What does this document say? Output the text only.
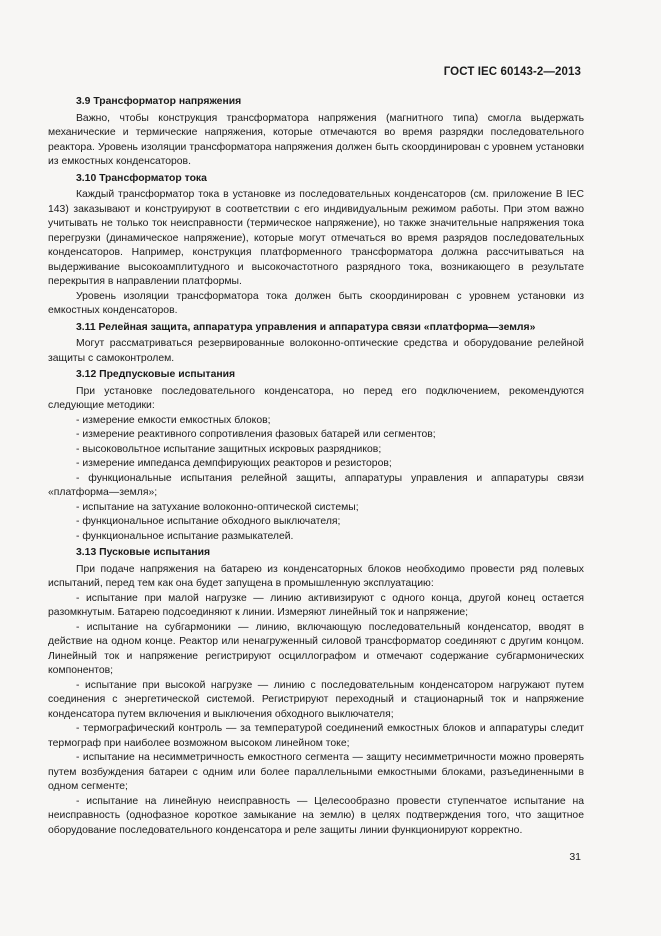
ГОСТ IEC 60143-2—2013

3.9 Трансформатор напряжения

Важно, чтобы конструкция трансформатора напряжения (магнитного типа) смогла выдержать механические и термические напряжения, которые отмечаются во время разрядки последовательного реактора. Уровень изоляции трансформатора напряжения должен быть скоординирован с уровнем установки из емкостных конденсаторов.

3.10 Трансформатор тока

Каждый трансформатор тока в установке из последовательных конденсаторов (см. приложение B IEC 143) заказывают и конструируют в соответствии с его индивидуальным режимом работы. При этом важно учитывать не только ток неисправности (термическое напряжение), но также значительные напряжения тока перегрузки (динамическое напряжение), которые могут отмечаться во время разрядов последовательных конденсаторов. Например, конструкция платформенного трансформатора должна рассчитываться на выдерживание высокоамплитудного и высокочастотного разрядного тока, возникающего в результате перекрытия в направлении платформы.

Уровень изоляции трансформатора тока должен быть скоординирован с уровнем установки из емкостных конденсаторов.

3.11 Релейная защита, аппаратура управления и аппаратура связи «платформа—земля»

Могут рассматриваться резервированные волоконно-оптические средства и оборудование релейной защиты с самоконтролем.

3.12 Предпусковые испытания

При установке последовательного конденсатора, но перед его подключением, рекомендуются следующие методики:

- измерение емкости емкостных блоков;

- измерение реактивного сопротивления фазовых батарей или сегментов;

- высоковольтное испытание защитных искровых разрядников;

- измерение импеданса демпфирующих реакторов и резисторов;

- функциональные испытания релейной защиты, аппаратуры управления и аппаратуры связи «платформа—земля»;

- испытание на затухание волоконно-оптической системы;

- функциональное испытание обходного выключателя;

- функциональное испытание размыкателей.

3.13 Пусковые испытания

При подаче напряжения на батарею из конденсаторных блоков необходимо провести ряд полевых испытаний, перед тем как она будет запущена в промышленную эксплуатацию:

- испытание при малой нагрузке — линию активизируют с одного конца, другой конец остается разомкнутым. Батарею подсоединяют к линии. Измеряют линейный ток и напряжение;

- испытание на субгармоники — линию, включающую последовательный конденсатор, вводят в действие на одном конце. Реактор или ненагруженный силовой трансформатор соединяют с другим концом. Линейный ток и напряжение регистрируют осциллографом и отмечают содержание субгармонических компонентов;

- испытание при высокой нагрузке — линию с последовательным конденсатором нагружают путем соединения с энергетической системой. Регистрируют переходный и стационарный ток и напряжение конденсатора путем включения и выключения обходного выключателя;

- термографический контроль — за температурой соединений емкостных блоков и аппаратуры следит термограф при наиболее возможном высоком линейном токе;

- испытание на несимметричность емкостного сегмента — защиту несимметричности можно проверять путем возбуждения батареи с одним или более параллельными емкостными блоками, разъединенными в одном сегменте;

- испытание на линейную неисправность — Целесообразно провести ступенчатое испытание на неисправность (однофазное короткое замыкание на землю) в целях подтверждения того, что защитное оборудование последовательного конденсатора и реле защиты линии функционируют корректно.

31
